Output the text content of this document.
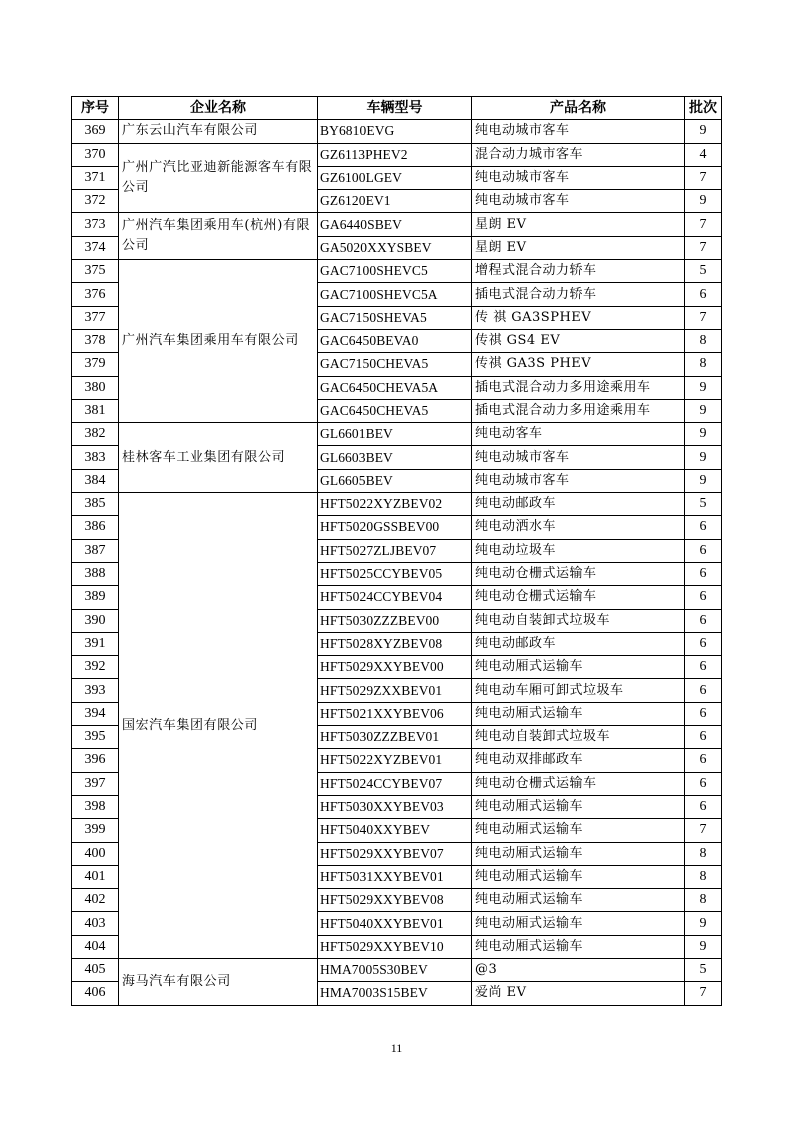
序号	企业名称	车辆型号	产品名称	批次
369	广东云山汽车有限公司	BY6810EVG	纯电动城市客车	9
370	广州广汽比亚迪新能源客车有限公司	GZ6113PHEV2	混合动力城市客车	4
371		GZ6100LGEV	纯电动城市客车	7
372		GZ6120EV1	纯电动城市客车	9
373	广州汽车集团乘用车(杭州)有限公司	GA6440SBEV	星朗 EV	7
374		GA5020XXYSBEV	星朗 EV	7
375	广州汽车集团乘用车有限公司	GAC7100SHEVC5	增程式混合动力轿车	5
376		GAC7100SHEVC5A	插电式混合动力轿车	6
377		GAC7150SHEVA5	传 祺 GA3SPHEV	7
378		GAC6450BEVA0	传祺 GS4 EV	8
379		GAC7150CHEVA5	传祺 GA3S PHEV	8
380		GAC6450CHEVA5A	插电式混合动力多用途乘用车	9
381		GAC6450CHEVA5	插电式混合动力多用途乘用车	9
382	桂林客车工业集团有限公司	GL6601BEV	纯电动客车	9
383		GL6603BEV	纯电动城市客车	9
384		GL6605BEV	纯电动城市客车	9
385	国宏汽车集团有限公司	HFT5022XYZBEV02	纯电动邮政车	5
386		HFT5020GSSBEV00	纯电动洒水车	6
387		HFT5027ZLJBEV07	纯电动垃圾车	6
388		HFT5025CCYBEV05	纯电动仓栅式运输车	6
389		HFT5024CCYBEV04	纯电动仓栅式运输车	6
390		HFT5030ZZZBEV00	纯电动自装卸式垃圾车	6
391		HFT5028XYZBEV08	纯电动邮政车	6
392		HFT5029XXYBEV00	纯电动厢式运输车	6
393		HFT5029ZXXBEV01	纯电动车厢可卸式垃圾车	6
394		HFT5021XXYBEV06	纯电动厢式运输车	6
395		HFT5030ZZZBEV01	纯电动自装卸式垃圾车	6
396		HFT5022XYZBEV01	纯电动双排邮政车	6
397		HFT5024CCYBEV07	纯电动仓栅式运输车	6
398		HFT5030XXYBEV03	纯电动厢式运输车	6
399		HFT5040XXYBEV	纯电动厢式运输车	7
400		HFT5029XXYBEV07	纯电动厢式运输车	8
401		HFT5031XXYBEV01	纯电动厢式运输车	8
402		HFT5029XXYBEV08	纯电动厢式运输车	8
403		HFT5040XXYBEV01	纯电动厢式运输车	9
404		HFT5029XXYBEV10	纯电动厢式运输车	9
405	海马汽车有限公司	HMA7005S30BEV	@3	5
406		HMA7003S15BEV	爱尚 EV	7
11
